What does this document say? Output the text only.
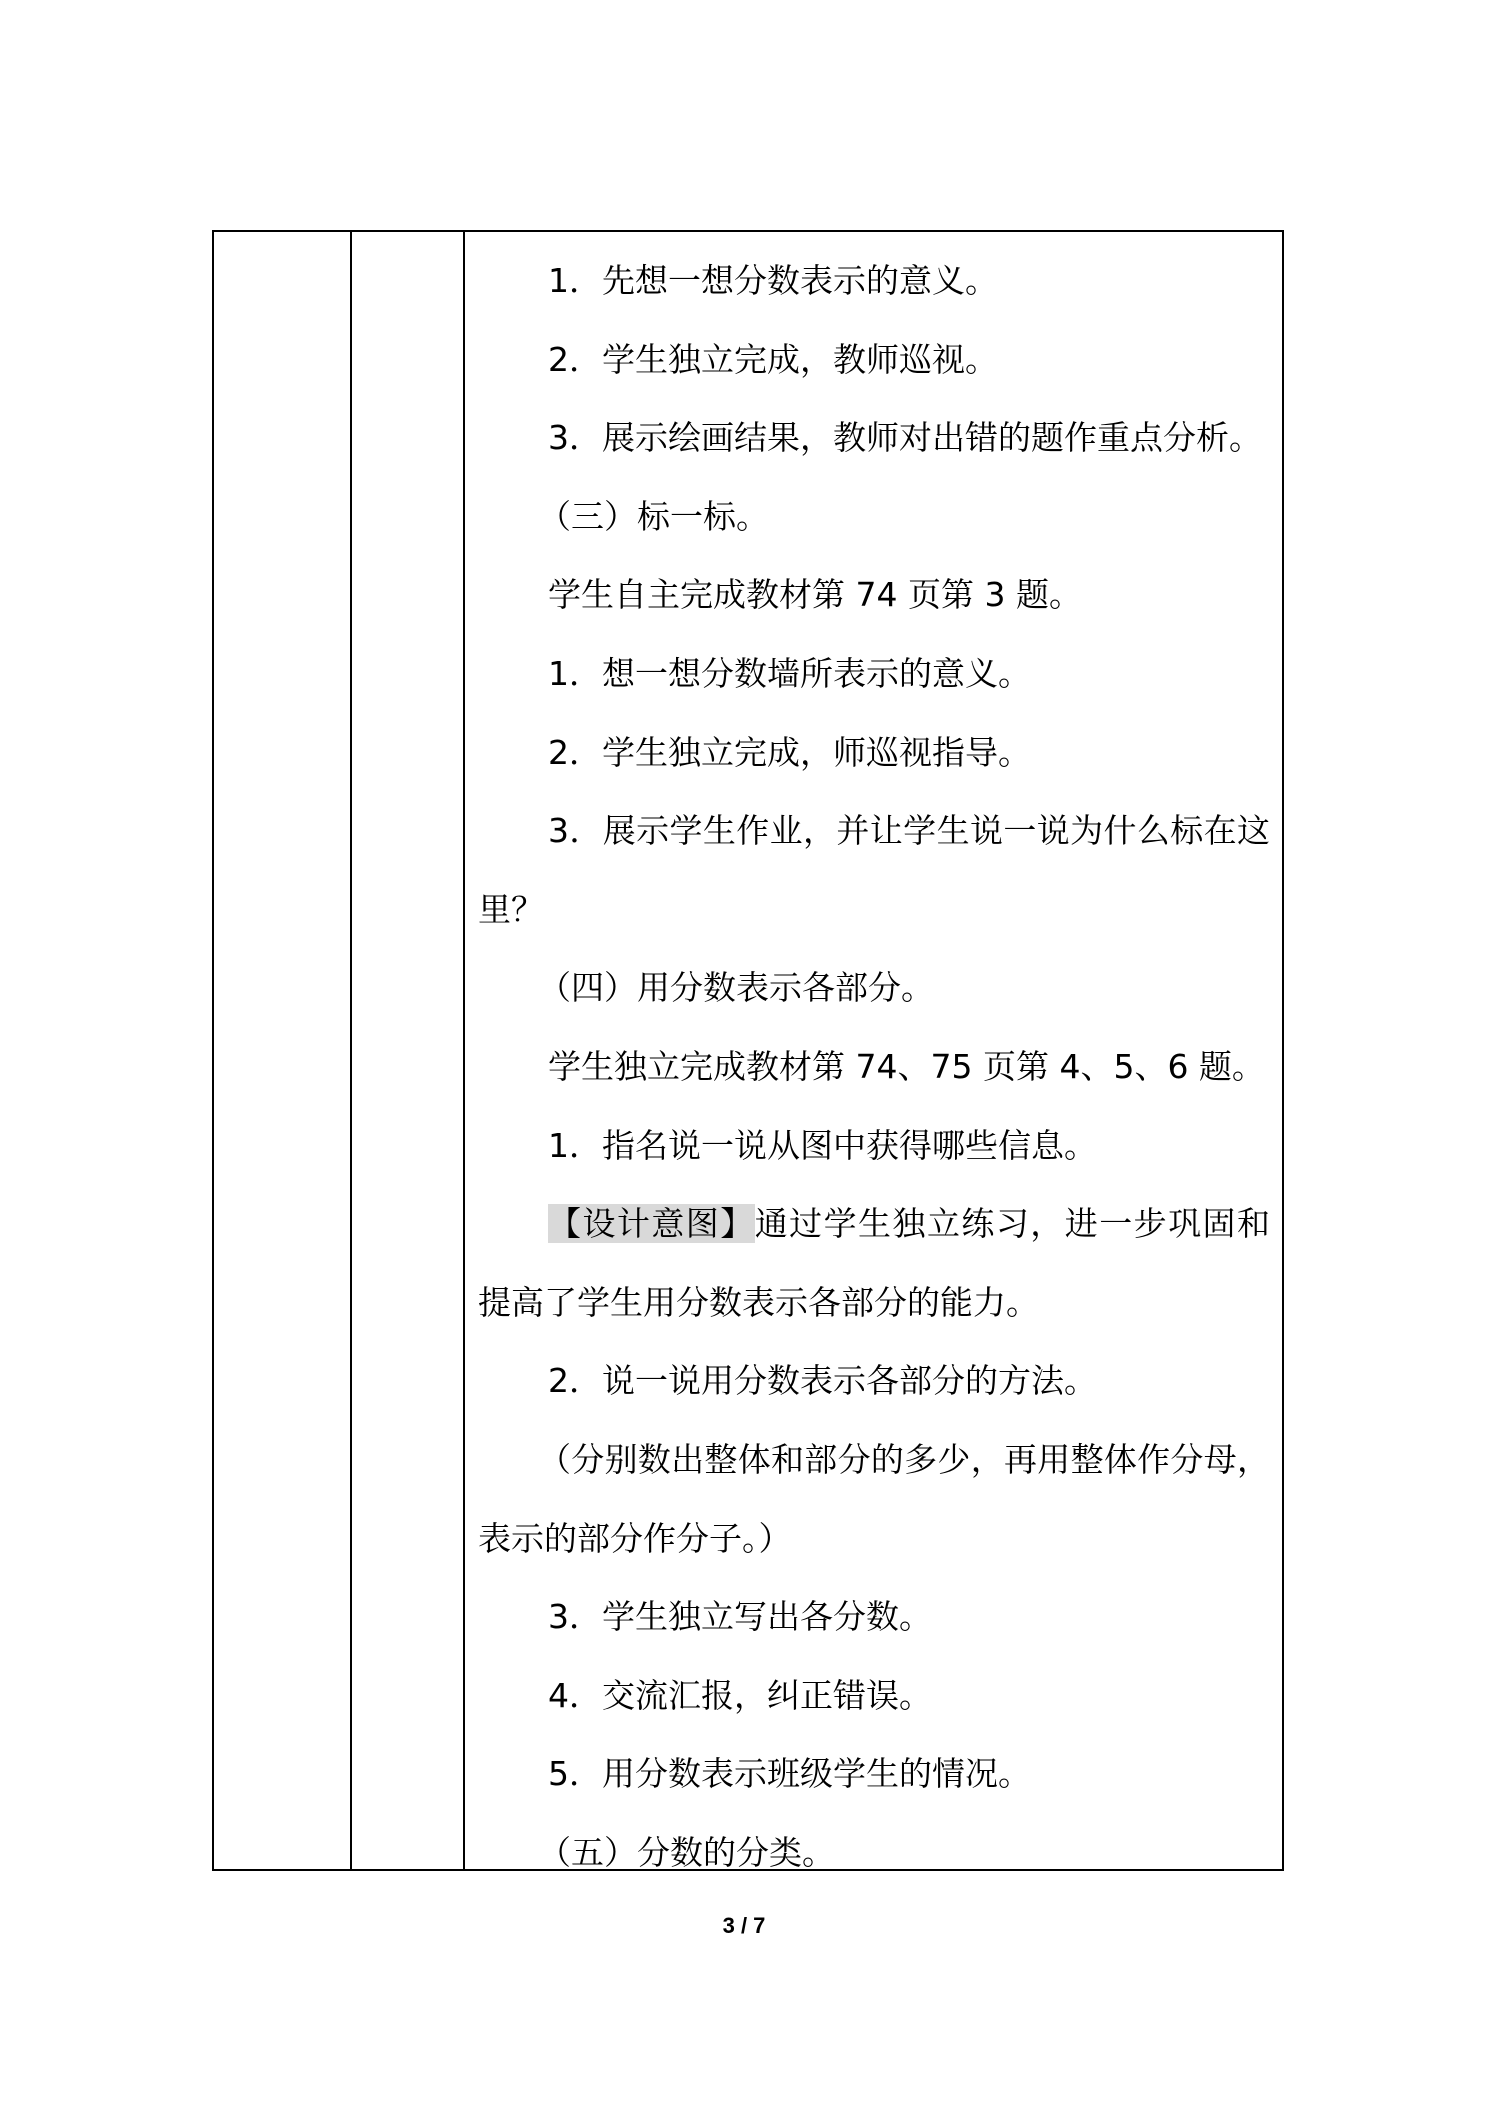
1．先想一想分数表示的意义。

2．学生独立完成，教师巡视。

3．展示绘画结果，教师对出错的题作重点分析。

（三）标一标。

学生自主完成教材第 74 页第 3 题。

1．想一想分数墙所表示的意义。

2．学生独立完成，师巡视指导。

3．展示学生作业，并让学生说一说为什么标在这里？

（四）用分数表示各部分。

学生独立完成教材第 74、75 页第 4、5、6 题。

1．指名说一说从图中获得哪些信息。

【设计意图】通过学生独立练习，进一步巩固和提高了学生用分数表示各部分的能力。

2．说一说用分数表示各部分的方法。

（分别数出整体和部分的多少，再用整体作分母，表示的部分作分子。）

3．学生独立写出各分数。

4．交流汇报，纠正错误。

5．用分数表示班级学生的情况。

（五）分数的分类。

3 / 7
